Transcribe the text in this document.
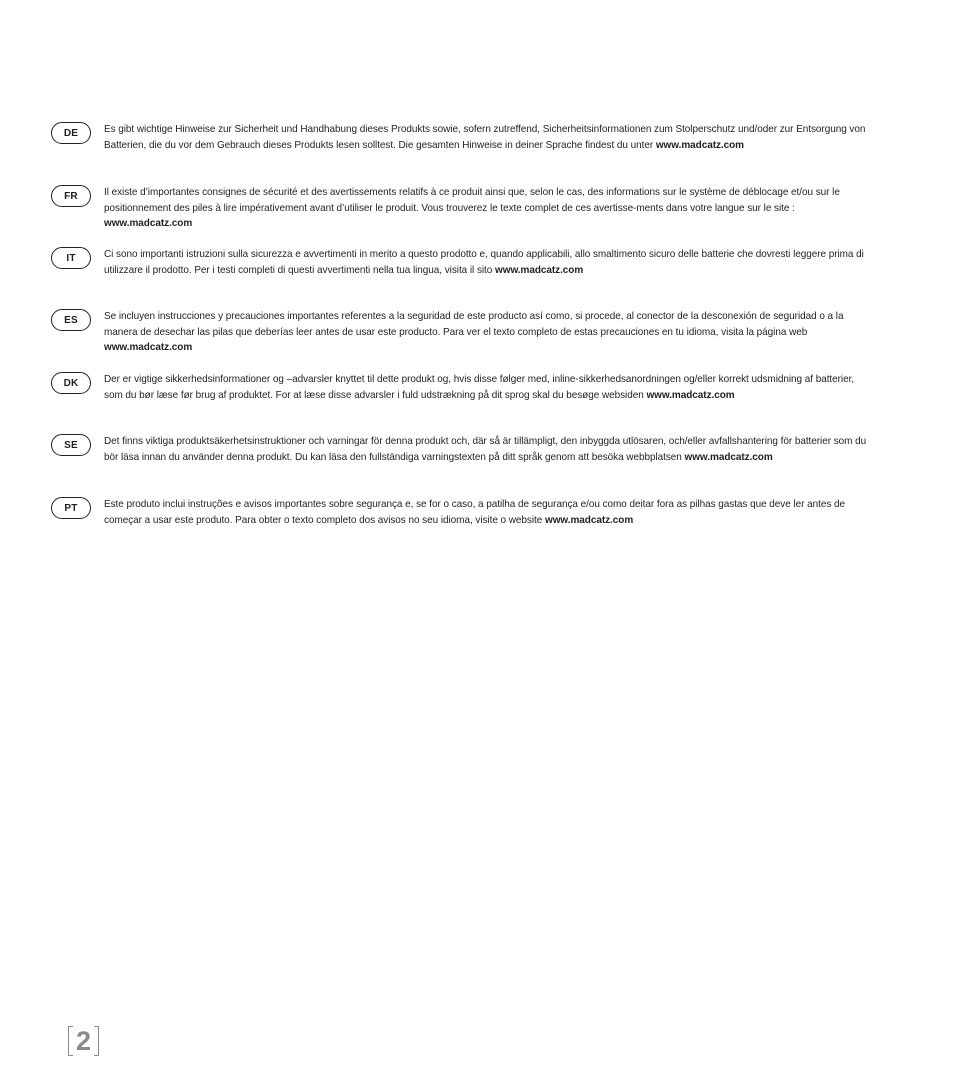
DE	Es gibt wichtige Hinweise zur Sicherheit und Handhabung dieses Produkts sowie, sofern zutreffend, Sicherheitsinformationen zum Stolperschutz und/oder zur Entsorgung von Batterien, die du vor dem Gebrauch dieses Produkts lesen solltest. Die gesamten Hinweise in deiner Sprache findest du unter www.madcatz.com
FR	Il existe d’importantes consignes de sécurité et des avertissements relatifs à ce produit ainsi que, selon le cas, des informations sur le système de déblocage et/ou sur le positionnement des piles à lire impérativement avant d’utiliser le produit. Vous trouverez le texte complet de ces avertisse-ments dans votre langue sur le site : www.madcatz.com
IT	Ci sono importanti istruzioni sulla sicurezza e avvertimenti in merito a questo prodotto e, quando applicabili, allo smaltimento sicuro delle batterie che dovresti leggere prima di utilizzare il prodotto. Per i testi completi di questi avvertimenti nella tua lingua, visita il sito www.madcatz.com
ES	Se incluyen instrucciones y precauciones importantes referentes a la seguridad de este producto así como, si procede, al conector de la desconexión de seguridad o a la manera de desechar las pilas que deberías leer antes de usar este producto. Para ver el texto completo de estas precauciones en tu idioma, visita la página web www.madcatz.com
DK	Der er vigtige sikkerhedsinformationer og –advarsler knyttet til dette produkt og, hvis disse følger med, inline-sikkerhedsanordningen og/eller korrekt udsmidning af batterier, som du bør læse før brug af produktet. For at læse disse advarsler i fuld udstrækning på dit sprog skal du besøge websiden www.madcatz.com
SE	Det finns viktiga produktsäkerhetsinstruktioner och varningar för denna produkt och, där så är tillämpligt, den inbyggda utlösaren, och/eller avfallshantering för batterier som du bör läsa innan du använder denna produkt. Du kan läsa den fullständiga varningstexten på ditt språk genom att besöka webbplatsen www.madcatz.com
PT	Este produto inclui instruções e avisos importantes sobre segurança e, se for o caso, a patilha de segurança e/ou como deitar fora as pilhas gastas que deve ler antes de começar a usar este produto. Para obter o texto completo dos avisos no seu idioma, visite o website www.madcatz.com
2
